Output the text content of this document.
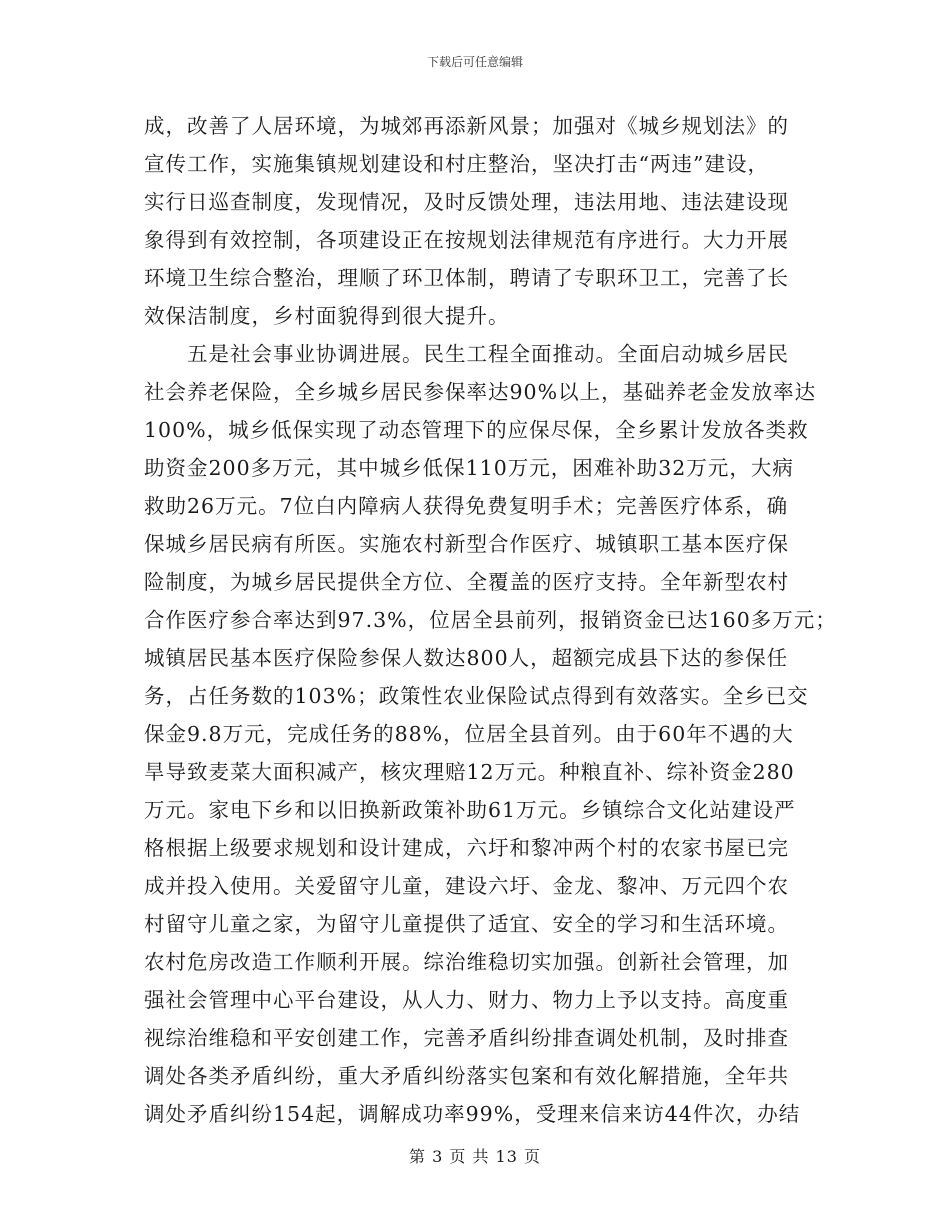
下载后可任意编辑
成，改善了人居环境，为城郊再添新风景；加强对《城乡规划法》的
宣传工作，实施集镇规划建设和村庄整治，坚决打击“两违”建设，
实行日巡查制度，发现情况，及时反馈处理，违法用地、违法建设现
象得到有效控制，各项建设正在按规划法律规范有序进行。大力开展
环境卫生综合整治，理顺了环卫体制，聘请了专职环卫工，完善了长
效保洁制度，乡村面貌得到很大提升。
　　五是社会事业协调进展。民生工程全面推动。全面启动城乡居民
社会养老保险，全乡城乡居民参保率达90%以上，基础养老金发放率达
100%，城乡低保实现了动态管理下的应保尽保，全乡累计发放各类救
助资金200多万元，其中城乡低保110万元，困难补助32万元，大病
救助26万元。7位白内障病人获得免费复明手术；完善医疗体系，确
保城乡居民病有所医。实施农村新型合作医疗、城镇职工基本医疗保
险制度，为城乡居民提供全方位、全覆盖的医疗支持。全年新型农村
合作医疗参合率达到97.3%，位居全县前列，报销资金已达160多万元；
城镇居民基本医疗保险参保人数达800人，超额完成县下达的参保任
务，占任务数的103%；政策性农业保险试点得到有效落实。全乡已交
保金9.8万元，完成任务的88%，位居全县首列。由于60年不遇的大
旱导致麦菜大面积减产，核灾理赔12万元。种粮直补、综补资金280
万元。家电下乡和以旧换新政策补助61万元。乡镇综合文化站建设严
格根据上级要求规划和设计建成，六圩和黎冲两个村的农家书屋已完
成并投入使用。关爱留守儿童，建设六圩、金龙、黎冲、万元四个农
村留守儿童之家，为留守儿童提供了适宜、安全的学习和生活环境。
农村危房改造工作顺利开展。综治维稳切实加强。创新社会管理，加
强社会管理中心平台建设，从人力、财力、物力上予以支持。高度重
视综治维稳和平安创建工作，完善矛盾纠纷排查调处机制，及时排查
调处各类矛盾纠纷，重大矛盾纠纷落实包案和有效化解措施，全年共
调处矛盾纠纷154起，调解成功率99%，受理来信来访44件次，办结
第 3 页 共 13 页
